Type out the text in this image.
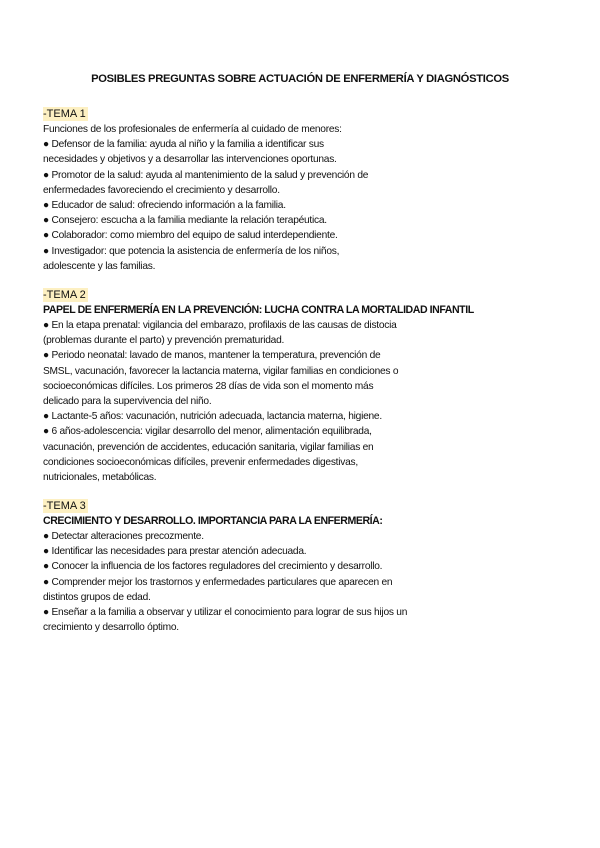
POSIBLES PREGUNTAS SOBRE ACTUACIÓN DE ENFERMERÍA Y DIAGNÓSTICOS
-TEMA 1
Funciones de los profesionales de enfermería al cuidado de menores:
● Defensor de la familia: ayuda al niño y la familia a identificar sus
necesidades y objetivos y a desarrollar las intervenciones oportunas.
● Promotor de la salud: ayuda al mantenimiento de la salud y prevención de
enfermedades favoreciendo el crecimiento y desarrollo.
● Educador de salud: ofreciendo información a la familia.
● Consejero: escucha a la familia mediante la relación terapéutica.
● Colaborador: como miembro del equipo de salud interdependiente.
● Investigador: que potencia la asistencia de enfermería de los niños,
adolescente y las familias.
-TEMA 2
PAPEL DE ENFERMERÍA EN LA PREVENCIÓN: LUCHA CONTRA LA MORTALIDAD INFANTIL
● En la etapa prenatal: vigilancia del embarazo, profilaxis de las causas de distocia
(problemas durante el parto) y prevención prematuridad.
● Periodo neonatal: lavado de manos, mantener la temperatura, prevención de
SMSL, vacunación, favorecer la lactancia materna, vigilar familias en condiciones o
socioeconómicas difíciles. Los primeros 28 días de vida son el momento más
delicado para la supervivencia del niño.
● Lactante-5 años: vacunación, nutrición adecuada, lactancia materna, higiene.
● 6 años-adolescencia: vigilar desarrollo del menor, alimentación equilibrada,
vacunación, prevención de accidentes, educación sanitaria, vigilar familias en
condiciones socioeconómicas difíciles, prevenir enfermedades digestivas,
nutricionales, metabólicas.
-TEMA 3
CRECIMIENTO Y DESARROLLO. IMPORTANCIA PARA LA ENFERMERÍA:
● Detectar alteraciones precozmente.
● Identificar las necesidades para prestar atención adecuada.
● Conocer la influencia de los factores reguladores del crecimiento y desarrollo.
● Comprender mejor los trastornos y enfermedades particulares que aparecen en
distintos grupos de edad.
● Enseñar a la familia a observar y utilizar el conocimiento para lograr de sus hijos un
crecimiento y desarrollo óptimo.
